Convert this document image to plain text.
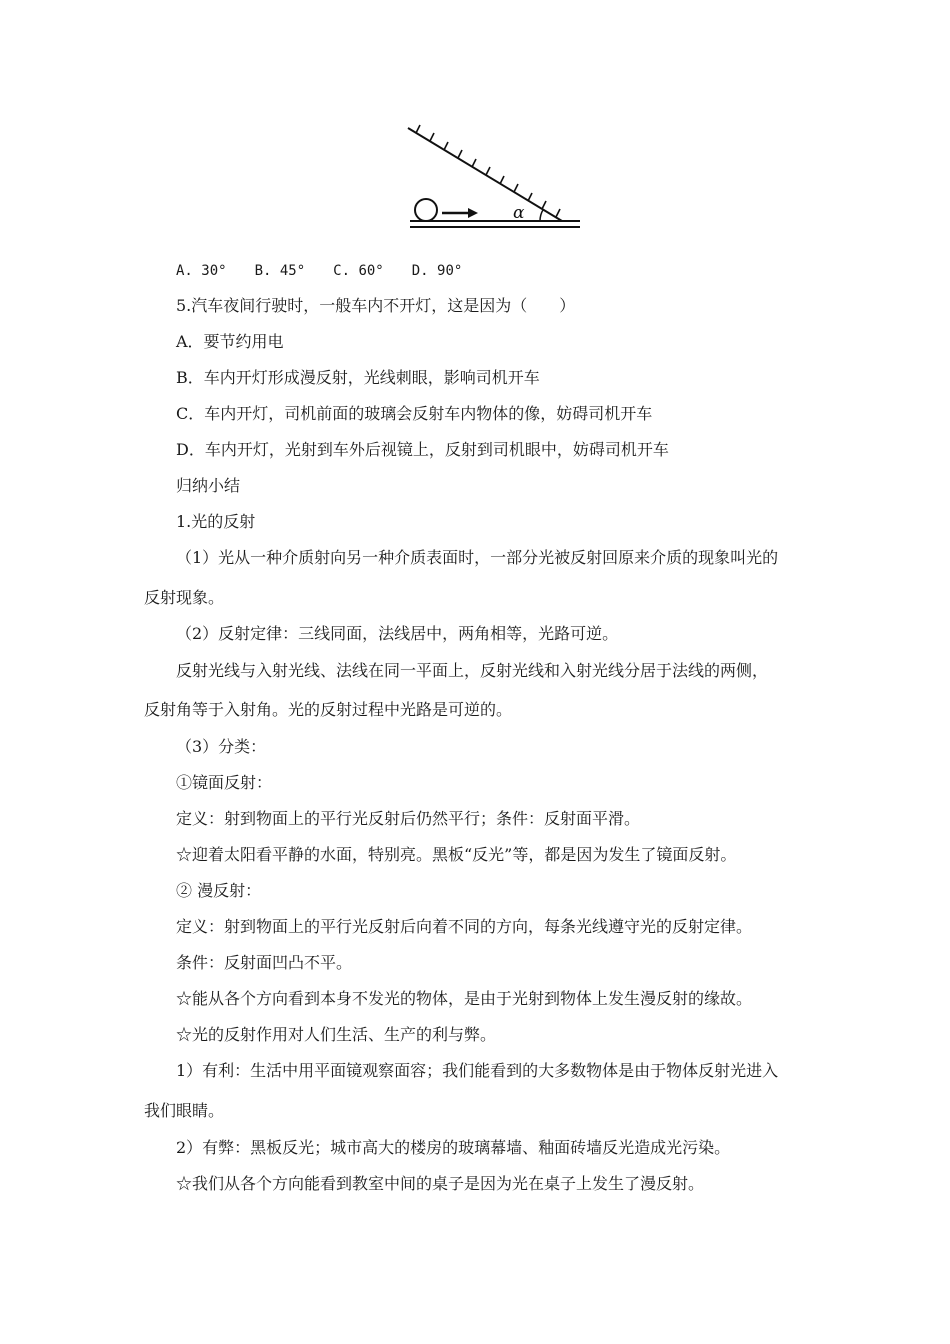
α
A. 30° B. 45° C. 60° D. 90°
5.汽车夜间行驶时，一般车内不开灯，这是因为（　　）
A．要节约用电
B．车内开灯形成漫反射，光线刺眼，影响司机开车
C．车内开灯，司机前面的玻璃会反射车内物体的像，妨碍司机开车
D．车内开灯，光射到车外后视镜上，反射到司机眼中，妨碍司机开车
归纳小结
1.光的反射
（1）光从一种介质射向另一种介质表面时，一部分光被反射回原来介质的现象叫光的
反射现象。
（2）反射定律：三线同面，法线居中，两角相等，光路可逆。
反射光线与入射光线、法线在同一平面上，反射光线和入射光线分居于法线的两侧，
反射角等于入射角。光的反射过程中光路是可逆的。
（3）分类：
①镜面反射：
定义：射到物面上的平行光反射后仍然平行；条件：反射面平滑。
☆迎着太阳看平静的水面，特别亮。黑板“反光”等，都是因为发生了镜面反射。
② 漫反射：
定义：射到物面上的平行光反射后向着不同的方向，每条光线遵守光的反射定律。
条件：反射面凹凸不平。
☆能从各个方向看到本身不发光的物体，是由于光射到物体上发生漫反射的缘故。
☆光的反射作用对人们生活、生产的利与弊。
1）有利：生活中用平面镜观察面容；我们能看到的大多数物体是由于物体反射光进入
我们眼睛。
2）有弊：黑板反光；城市高大的楼房的玻璃幕墙、釉面砖墙反光造成光污染。
☆我们从各个方向能看到教室中间的桌子是因为光在桌子上发生了漫反射。
